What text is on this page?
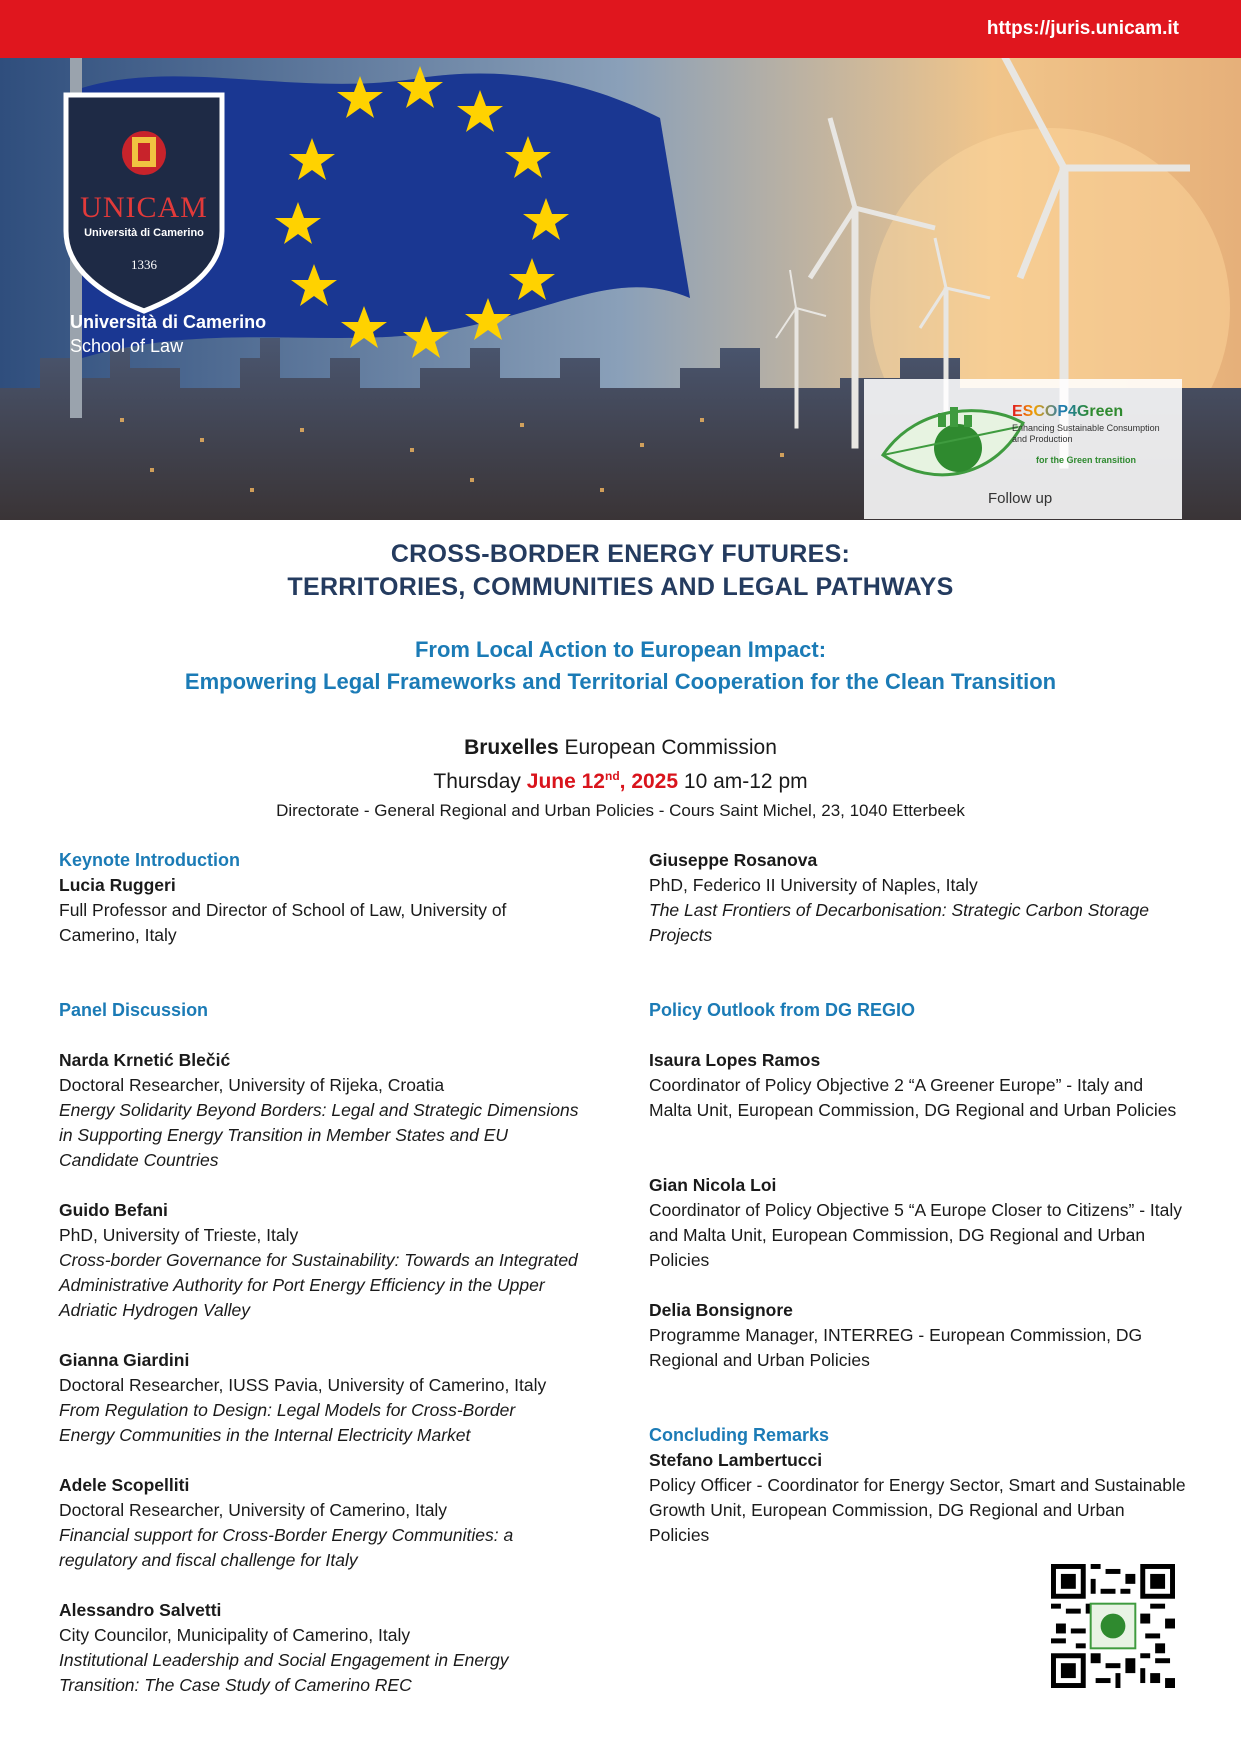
https://juris.unicam.it
UNICAM
Università di Camerino
1336
Università di Camerino
School of Law
ESCOP4Green
Enhancing Sustainable Consumption and Production
for the Green transition
Follow up
CROSS-BORDER ENERGY FUTURES:
TERRITORIES, COMMUNITIES AND LEGAL PATHWAYS
From Local Action to European Impact:
Empowering Legal Frameworks and Territorial Cooperation for the Clean Transition
Bruxelles European Commission
Thursday June 12nd, 2025 10 am-12 pm
Directorate - General Regional and Urban Policies - Cours Saint Michel, 23, 1040 Etterbeek
Keynote Introduction
Lucia Ruggeri
Full Professor and Director of School of Law, University of Camerino, Italy
Panel Discussion
Narda Krnetić Blečić
Doctoral Researcher, University of Rijeka, Croatia
Energy Solidarity Beyond Borders: Legal and Strategic Dimensions in Supporting Energy Transition in Member States and EU Candidate Countries
Guido Befani
PhD, University of Trieste, Italy
Cross-border Governance for Sustainability: Towards an Integrated Administrative Authority for Port Energy Efficiency in the Upper Adriatic Hydrogen Valley
Gianna Giardini
Doctoral Researcher, IUSS Pavia, University of Camerino, Italy
From Regulation to Design: Legal Models for Cross-Border Energy Communities in the Internal Electricity Market
Adele Scopelliti
Doctoral Researcher, University of Camerino, Italy
Financial support for Cross-Border Energy Communities: a regulatory and fiscal challenge for Italy
Alessandro Salvetti
City Councilor, Municipality of Camerino, Italy
Institutional Leadership and Social Engagement in Energy Transition: The Case Study of Camerino REC
Giuseppe Rosanova
PhD, Federico II University of Naples, Italy
The Last Frontiers of Decarbonisation: Strategic Carbon Storage Projects
Policy Outlook from DG REGIO
Isaura Lopes Ramos
Coordinator of Policy Objective 2 “A Greener Europe” - Italy and Malta Unit, European Commission, DG Regional and Urban Policies
Gian Nicola Loi
Coordinator of Policy Objective 5 “A Europe Closer to Citizens” - Italy and Malta Unit, European Commission, DG Regional and Urban Policies
Delia Bonsignore
Programme Manager, INTERREG - European Commission, DG Regional and Urban Policies
Concluding Remarks
Stefano Lambertucci
Policy Officer - Coordinator for Energy Sector, Smart and Sustainable Growth Unit, European Commission, DG Regional and Urban Policies
